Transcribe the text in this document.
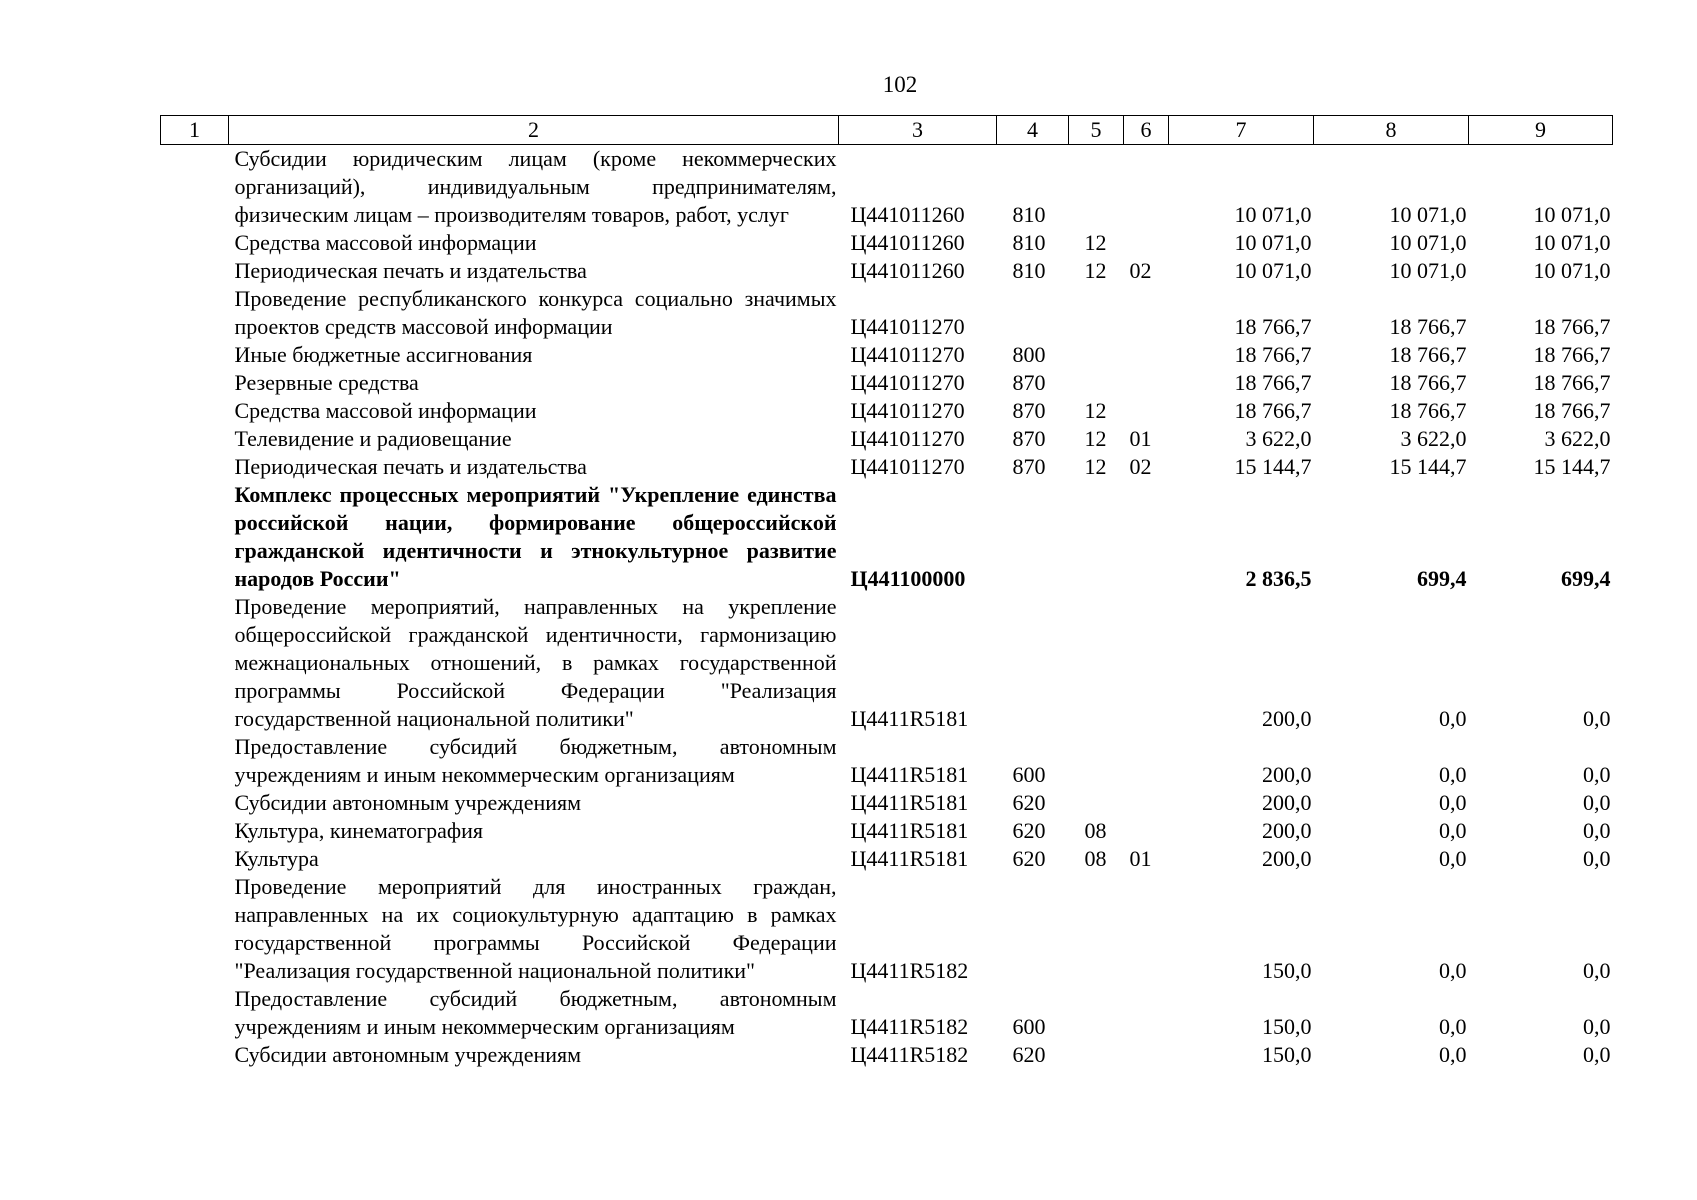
102
1	2	3	4	5	6	7	8	9
	Субсидии юридическим лицам (кроме некоммерческих организаций), индивидуальным предпринимателям, физическим лицам – производителям товаров, работ, услуг	Ц441011260	810			10 071,0	10 071,0	10 071,0
	Средства массовой информации	Ц441011260	810	12		10 071,0	10 071,0	10 071,0
	Периодическая печать и издательства	Ц441011260	810	12	02	10 071,0	10 071,0	10 071,0
	Проведение республиканского конкурса социально значимых проектов средств массовой информации	Ц441011270				18 766,7	18 766,7	18 766,7
	Иные бюджетные ассигнования	Ц441011270	800			18 766,7	18 766,7	18 766,7
	Резервные средства	Ц441011270	870			18 766,7	18 766,7	18 766,7
	Средства массовой информации	Ц441011270	870	12		18 766,7	18 766,7	18 766,7
	Телевидение и радиовещание	Ц441011270	870	12	01	3 622,0	3 622,0	3 622,0
	Периодическая печать и издательства	Ц441011270	870	12	02	15 144,7	15 144,7	15 144,7
	Комплекс процессных мероприятий "Укрепление единства российской нации, формирование общероссийской гражданской идентичности и этнокультурное развитие народов России"	Ц441100000				2 836,5	699,4	699,4
	Проведение мероприятий, направленных на укрепление общероссийской гражданской идентичности, гармонизацию межнациональных отношений, в рамках государственной программы Российской Федерации "Реализация государственной национальной политики"	Ц4411R5181				200,0	0,0	0,0
	Предоставление субсидий бюджетным, автономным учреждениям и иным некоммерческим организациям	Ц4411R5181	600			200,0	0,0	0,0
	Субсидии автономным учреждениям	Ц4411R5181	620			200,0	0,0	0,0
	Культура, кинематография	Ц4411R5181	620	08		200,0	0,0	0,0
	Культура	Ц4411R5181	620	08	01	200,0	0,0	0,0
	Проведение мероприятий для иностранных граждан, направленных на их социокультурную адаптацию в рамках государственной программы Российской Федерации "Реализация государственной национальной политики"	Ц4411R5182				150,0	0,0	0,0
	Предоставление субсидий бюджетным, автономным учреждениям и иным некоммерческим организациям	Ц4411R5182	600			150,0	0,0	0,0
	Субсидии автономным учреждениям	Ц4411R5182	620			150,0	0,0	0,0
